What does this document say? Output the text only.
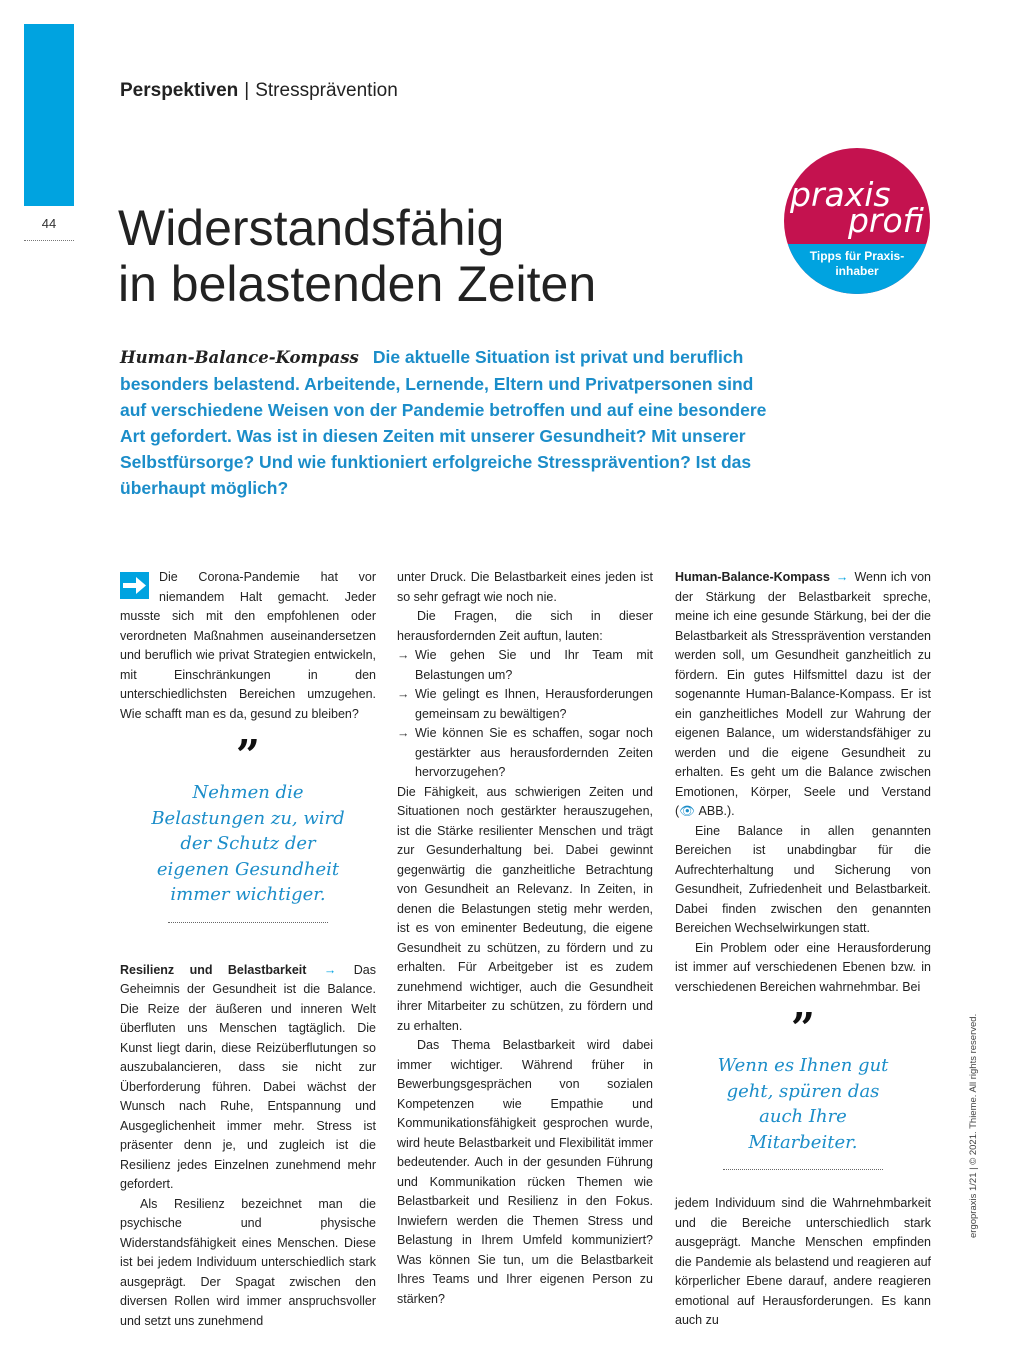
44
Perspektiven | Stressprävention
Widerstandsfähig
in belastenden Zeiten
praxis
profi
Tipps für Praxis-
inhaber
Human-Balance-Kompass Die aktuelle Situation ist privat und beruflich besonders belastend. Arbeitende, Lernende, Eltern und Privatpersonen sind auf verschiedene Weisen von der Pandemie betroffen und auf eine besondere Art gefordert. Was ist in diesen Zeiten mit unserer Gesundheit? Mit unserer Selbstfürsorge? Und wie funktioniert erfolgreiche Stressprävention? Ist das überhaupt möglich?

Die Corona-Pandemie hat vor niemandem Halt gemacht. Jeder musste sich mit den empfohlenen oder verordneten Maßnahmen auseinandersetzen und beruflich wie privat Strategien entwickeln, mit Einschränkungen in den unterschiedlichsten Bereichen umzugehen. Wie schafft man es da, gesund zu bleiben?

”
Nehmen die Belastungen zu, wird der Schutz der eigenen Gesundheit immer wichtiger.

Resilienz und Belastbarkeit → Das Geheimnis der Gesundheit ist die Balance. Die Reize der äußeren und inneren Welt überfluten uns Menschen tagtäglich. Die Kunst liegt darin, diese Reizüberflutungen so auszubalancieren, dass sie nicht zur Überforderung führen. Dabei wächst der Wunsch nach Ruhe, Entspannung und Ausgeglichenheit immer mehr. Stress ist präsenter denn je, und zugleich ist die Resilienz jedes Einzelnen zunehmend mehr gefordert.

Als Resilienz bezeichnet man die psychische und physische Widerstandsfähigkeit eines Menschen. Diese ist bei jedem Individuum unterschiedlich stark ausgeprägt. Der Spagat zwischen den diversen Rollen wird immer anspruchsvoller und setzt uns zunehmend

unter Druck. Die Belastbarkeit eines jeden ist so sehr gefragt wie noch nie.

Die Fragen, die sich in dieser herausfordernden Zeit auftun, lauten:

→ Wie gehen Sie und Ihr Team mit Belastungen um?
→ Wie gelingt es Ihnen, Herausforderungen gemeinsam zu bewältigen?
→ Wie können Sie es schaffen, sogar noch gestärkter aus herausfordernden Zeiten hervorzugehen?

Die Fähigkeit, aus schwierigen Zeiten und Situationen noch gestärkter herauszugehen, ist die Stärke resilienter Menschen und trägt zur Gesunderhaltung bei. Dabei gewinnt gegenwärtig die ganzheitliche Betrachtung von Gesundheit an Relevanz. In Zeiten, in denen die Belastungen stetig mehr werden, ist es von eminenter Bedeutung, die eigene Gesundheit zu schützen, zu fördern und zu erhalten. Für Arbeitgeber ist es zudem zunehmend wichtiger, auch die Gesundheit ihrer Mitarbeiter zu schützen, zu fördern und zu erhalten.

Das Thema Belastbarkeit wird dabei immer wichtiger. Während früher in Bewerbungsgesprächen von sozialen Kompetenzen wie Empathie und Kommunikationsfähigkeit gesprochen wurde, wird heute Belastbarkeit und Flexibilität immer bedeutender. Auch in der gesunden Führung und Kommunikation rücken Themen wie Belastbarkeit und Resilienz in den Fokus. Inwiefern werden die Themen Stress und Belastung in Ihrem Umfeld kommuniziert? Was können Sie tun, um die Belastbarkeit Ihres Teams und Ihrer eigenen Person zu stärken?

Human-Balance-Kompass → Wenn ich von der Stärkung der Belastbarkeit spreche, meine ich eine gesunde Stärkung, bei der die Belastbarkeit als Stressprävention verstanden werden soll, um Gesundheit ganzheitlich zu fördern. Ein gutes Hilfsmittel dazu ist der sogenannte Human-Balance-Kompass. Er ist ein ganzheitliches Modell zur Wahrung der eigenen Balance, um widerstandsfähiger zu werden und die eigene Gesundheit zu erhalten. Es geht um die Balance zwischen Emotionen, Körper, Seele und Verstand (👁 ABB.).

Eine Balance in allen genannten Bereichen ist unabdingbar für die Aufrechterhaltung und Sicherung von Gesundheit, Zufriedenheit und Belastbarkeit. Dabei finden zwischen den genannten Bereichen Wechselwirkungen statt.

Ein Problem oder eine Herausforderung ist immer auf verschiedenen Ebenen bzw. in verschiedenen Bereichen wahrnehmbar. Bei

”
Wenn es Ihnen gut geht, spüren das auch Ihre Mitarbeiter.

jedem Individuum sind die Wahrnehmbarkeit und die Bereiche unterschiedlich stark ausgeprägt. Manche Menschen empfinden die Pandemie als belastend und reagieren auf körperlicher Ebene darauf, andere reagieren emotional auf Herausforderungen. Es kann auch zu

ergopraxis 1/21 | © 2021. Thieme. All rights reserved.
